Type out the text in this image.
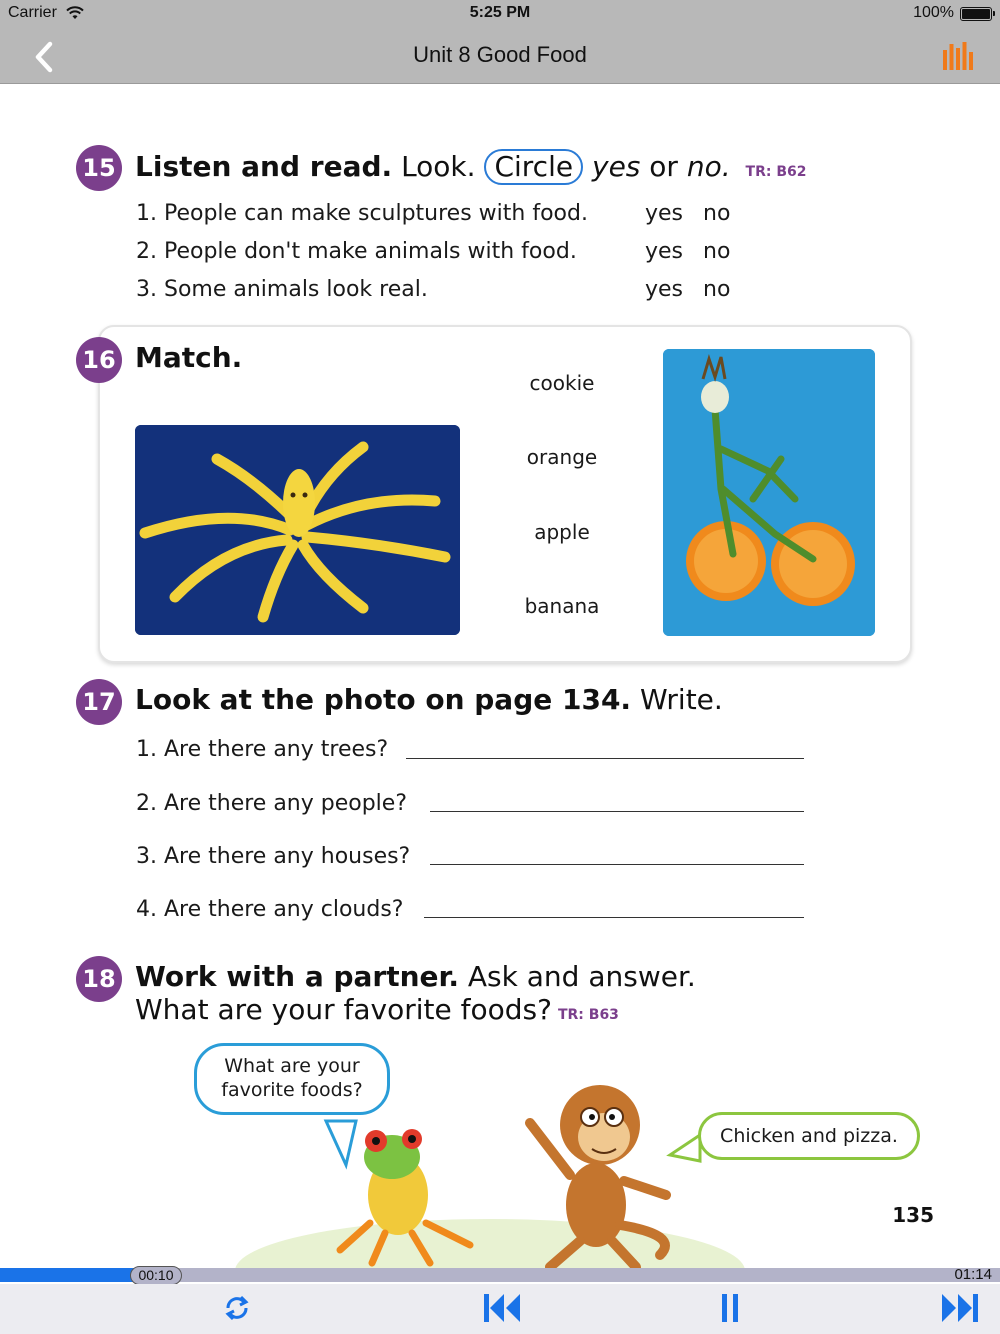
Carrier	5:25 PM	100%
Unit 8 Good Food
15 Listen and read. Look. Circle yes or no. TR: B62
1. People can make sculptures with food.	yes no
2. People don't make animals with food.	yes no
3. Some animals look real.	yes no
16 Match.
cookie
orange
apple
banana
17 Look at the photo on page 134. Write.
1. Are there any trees?
2. Are there any people?
3. Are there any houses?
4. Are there any clouds?
18 Work with a partner. Ask and answer.
What are your favorite foods? TR: B63
What are your
favorite foods?
Chicken and pizza.
135
00:10	01:14
